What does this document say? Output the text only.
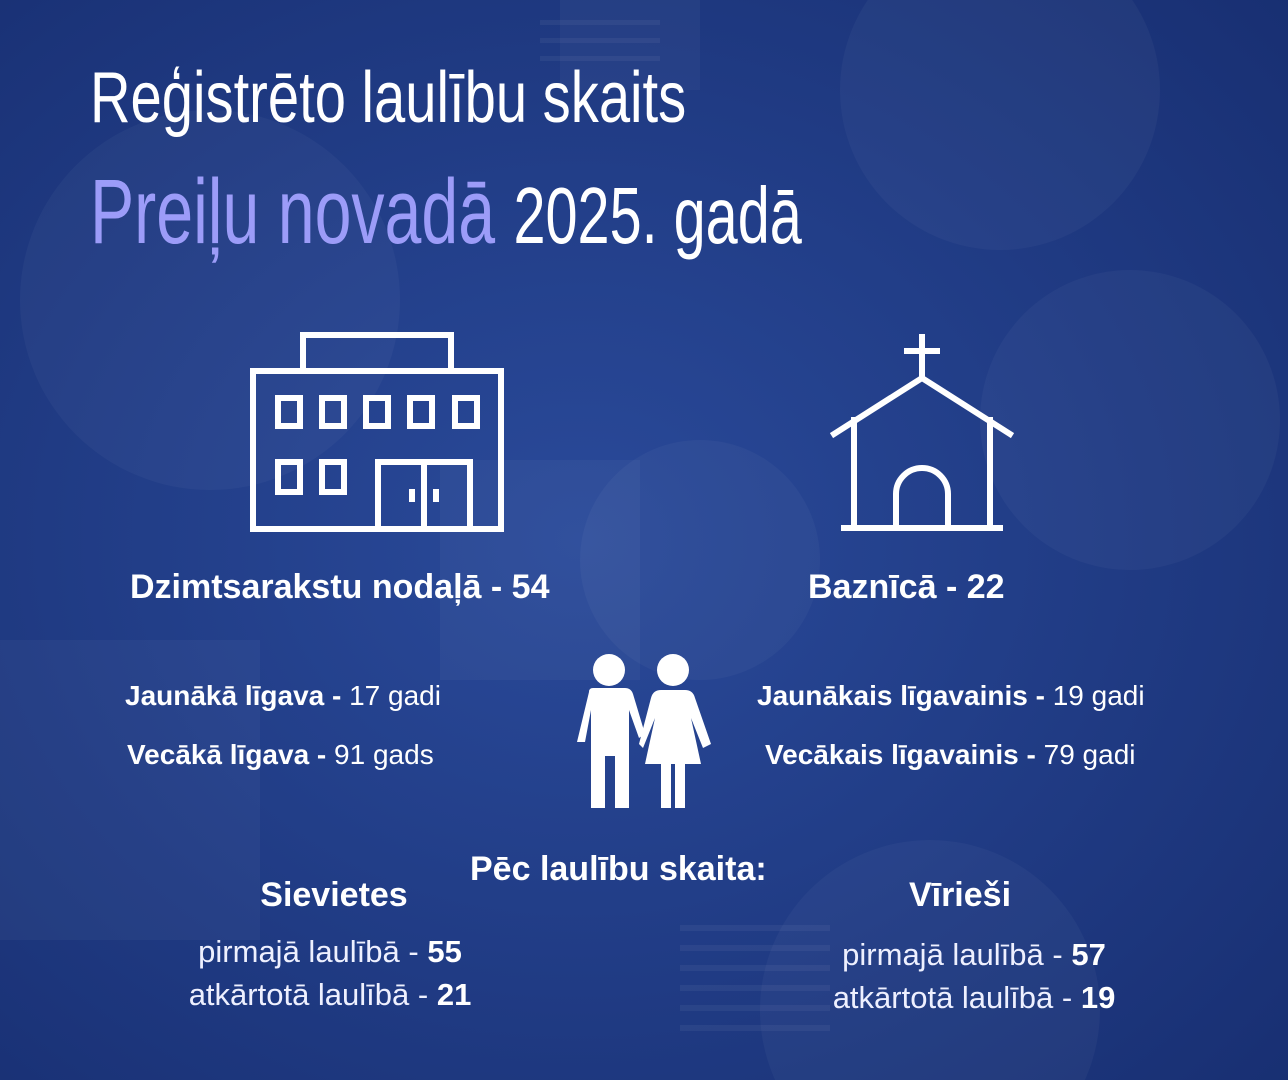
Reģistrēto laulību skaits
Preiļu novadā 2025. gadā
Dzimtsarakstu nodaļā - 54	Baznīcā - 22
Jaunākā līgava - 17 gadi
Vecākā līgava - 91 gads
Jaunākais līgavainis - 19 gadi
Vecākais līgavainis - 79 gadi
Pēc laulību skaita:
Sievietes
pirmajā laulībā - 55
atkārtotā laulībā - 21
Vīrieši
pirmajā laulībā - 57
atkārtotā laulībā - 19
